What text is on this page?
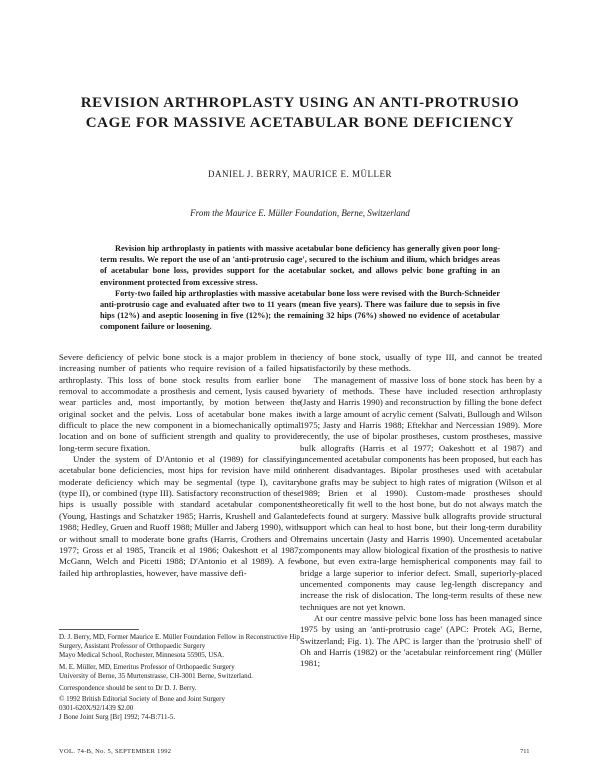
REVISION ARTHROPLASTY USING AN ANTI-PROTRUSIO
CAGE FOR MASSIVE ACETABULAR BONE DEFICIENCY
DANIEL J. BERRY, MAURICE E. MÜLLER
From the Maurice E. Müller Foundation, Berne, Switzerland

Revision hip arthroplasty in patients with massive acetabular bone deficiency has generally given poor long-term results. We report the use of an 'anti-protrusio cage', secured to the ischium and ilium, which bridges areas of acetabular bone loss, provides support for the acetabular socket, and allows pelvic bone grafting in an environment protected from excessive stress.

Forty-two failed hip arthroplasties with massive acetabular bone loss were revised with the Burch-Schneider anti-protrusio cage and evaluated after two to 11 years (mean five years). There was failure due to sepsis in five hips (12%) and aseptic loosening in five (12%); the remaining 32 hips (76%) showed no evidence of acetabular component failure or loosening.

Severe deficiency of pelvic bone stock is a major problem in the increasing number of patients who require revision of a failed hip arthroplasty. This loss of bone stock results from earlier bone removal to accommodate a prosthesis and cement, lysis caused by wear particles and, most importantly, by motion between the original socket and the pelvis. Loss of acetabular bone makes it difficult to place the new component in a biomechanically optimal location and on bone of sufficient strength and quality to provide long-term secure fixation.

Under the system of D'Antonio et al (1989) for classifying acetabular bone deficiencies, most hips for revision have mild or moderate deficiency which may be segmental (type I), cavitary (type II), or combined (type III). Satisfactory reconstruction of these hips is usually possible with standard acetabular components (Young, Hastings and Schatzker 1985; Harris, Krushell and Galante 1988; Hedley, Gruen and Ruoff 1988; Müller and Jaberg 1990), with or without small to moderate bone grafts (Harris, Crothers and Oh 1977; Gross et al 1985, Trancik et al 1986; Oakeshott et al 1987; McGann, Welch and Picetti 1988; D'Antonio et al 1989). A few failed hip arthroplasties, however, have massive defi-

D. J. Berry, MD, Former Maurice E. Müller Foundation Fellow in Reconstructive Hip Surgery, Assistant Professor of Orthopaedic Surgery

Mayo Medical School, Rochester, Minnesota 55905, USA.

M. E. Müller, MD, Emeritus Professor of Orthopaedic Surgery

University of Berne, 35 Murtenstrasse, CH-3001 Berne, Switzerland.

Correspondence should be sent to Dr D. J. Berry.

© 1992 British Editorial Society of Bone and Joint Surgery

0301-620X/92/1439 $2.00

J Bone Joint Surg [Br] 1992; 74-B:711-5.

ciency of bone stock, usually of type III, and cannot be treated satisfactorily by these methods.

The management of massive loss of bone stock has been by a variety of methods. These have included resection arthroplasty (Jasty and Harris 1990) and reconstruction by filling the bone defect with a large amount of acrylic cement (Salvati, Bullough and Wilson 1975; Jasty and Harris 1988; Eftekhar and Nercessian 1989). More recently, the use of bipolar prostheses, custom prostheses, massive bulk allografts (Harris et al 1977; Oakeshott et al 1987) and uncemented acetabular components has been proposed, but each has inherent disadvantages. Bipolar prostheses used with acetabular bone grafts may be subject to high rates of migration (Wilson et al 1989; Brien et al 1990). Custom-made prostheses should theoretically fit well to the host bone, but do not always match the defects found at surgery. Massive bulk allografts provide structural support which can heal to host bone, but their long-term durability remains uncertain (Jasty and Harris 1990). Uncemented acetabular components may allow biological fixation of the prosthesis to native bone, but even extra-large hemispherical components may fail to bridge a large superior to inferior defect. Small, superiorly-placed uncemented components may cause leg-length discrepancy and increase the risk of dislocation. The long-term results of these new techniques are not yet known.

At our centre massive pelvic bone loss has been managed since 1975 by using an 'anti-protrusio cage' (APC: Protek AG, Berne, Switzerland; Fig. 1). The APC is larger than the 'protrusio shell' of Oh and Harris (1982) or the 'acetabular reinforcement ring' (Müller 1981;

VOL. 74-B, No. 5, SEPTEMBER 1992	711
